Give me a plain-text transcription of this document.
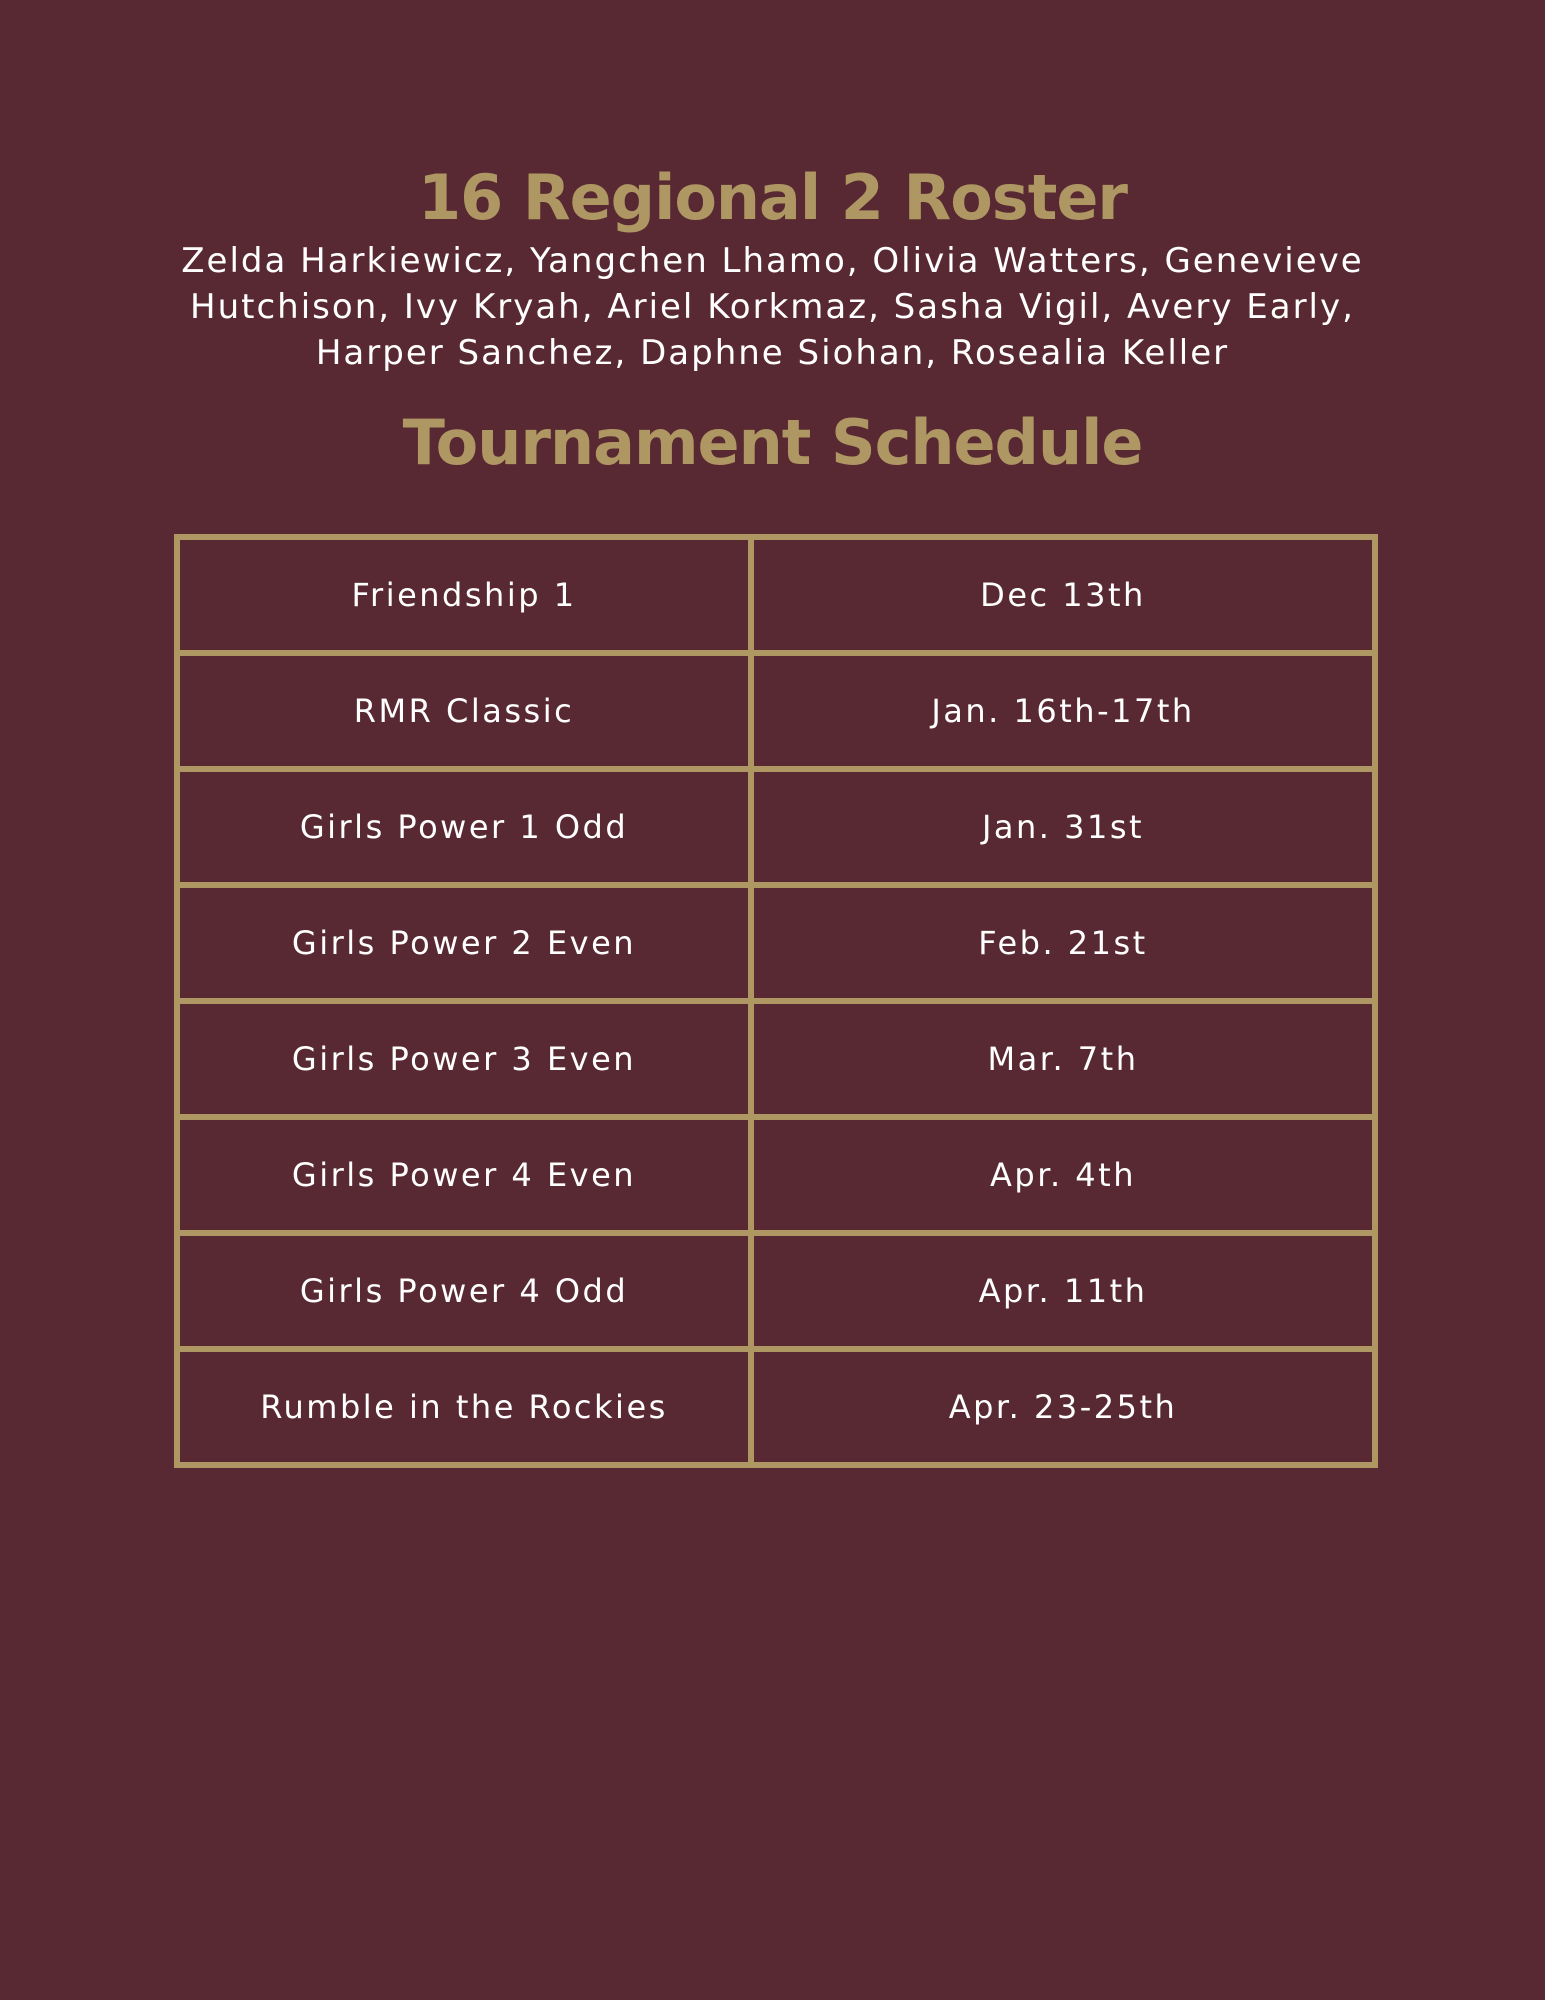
16 Regional 2 Roster

Zelda Harkiewicz, Yangchen Lhamo, Olivia Watters, Genevieve Hutchison, Ivy Kryah, Ariel Korkmaz, Sasha Vigil, Avery Early, Harper Sanchez, Daphne Siohan, Rosealia Keller

Tournament Schedule
Friendship 1	Dec 13th
RMR Classic	Jan. 16th-17th
Girls Power 1 Odd	Jan. 31st
Girls Power 2 Even	Feb. 21st
Girls Power 3 Even	Mar. 7th
Girls Power 4 Even	Apr. 4th
Girls Power 4 Odd	Apr. 11th
Rumble in the Rockies	Apr. 23-25th
